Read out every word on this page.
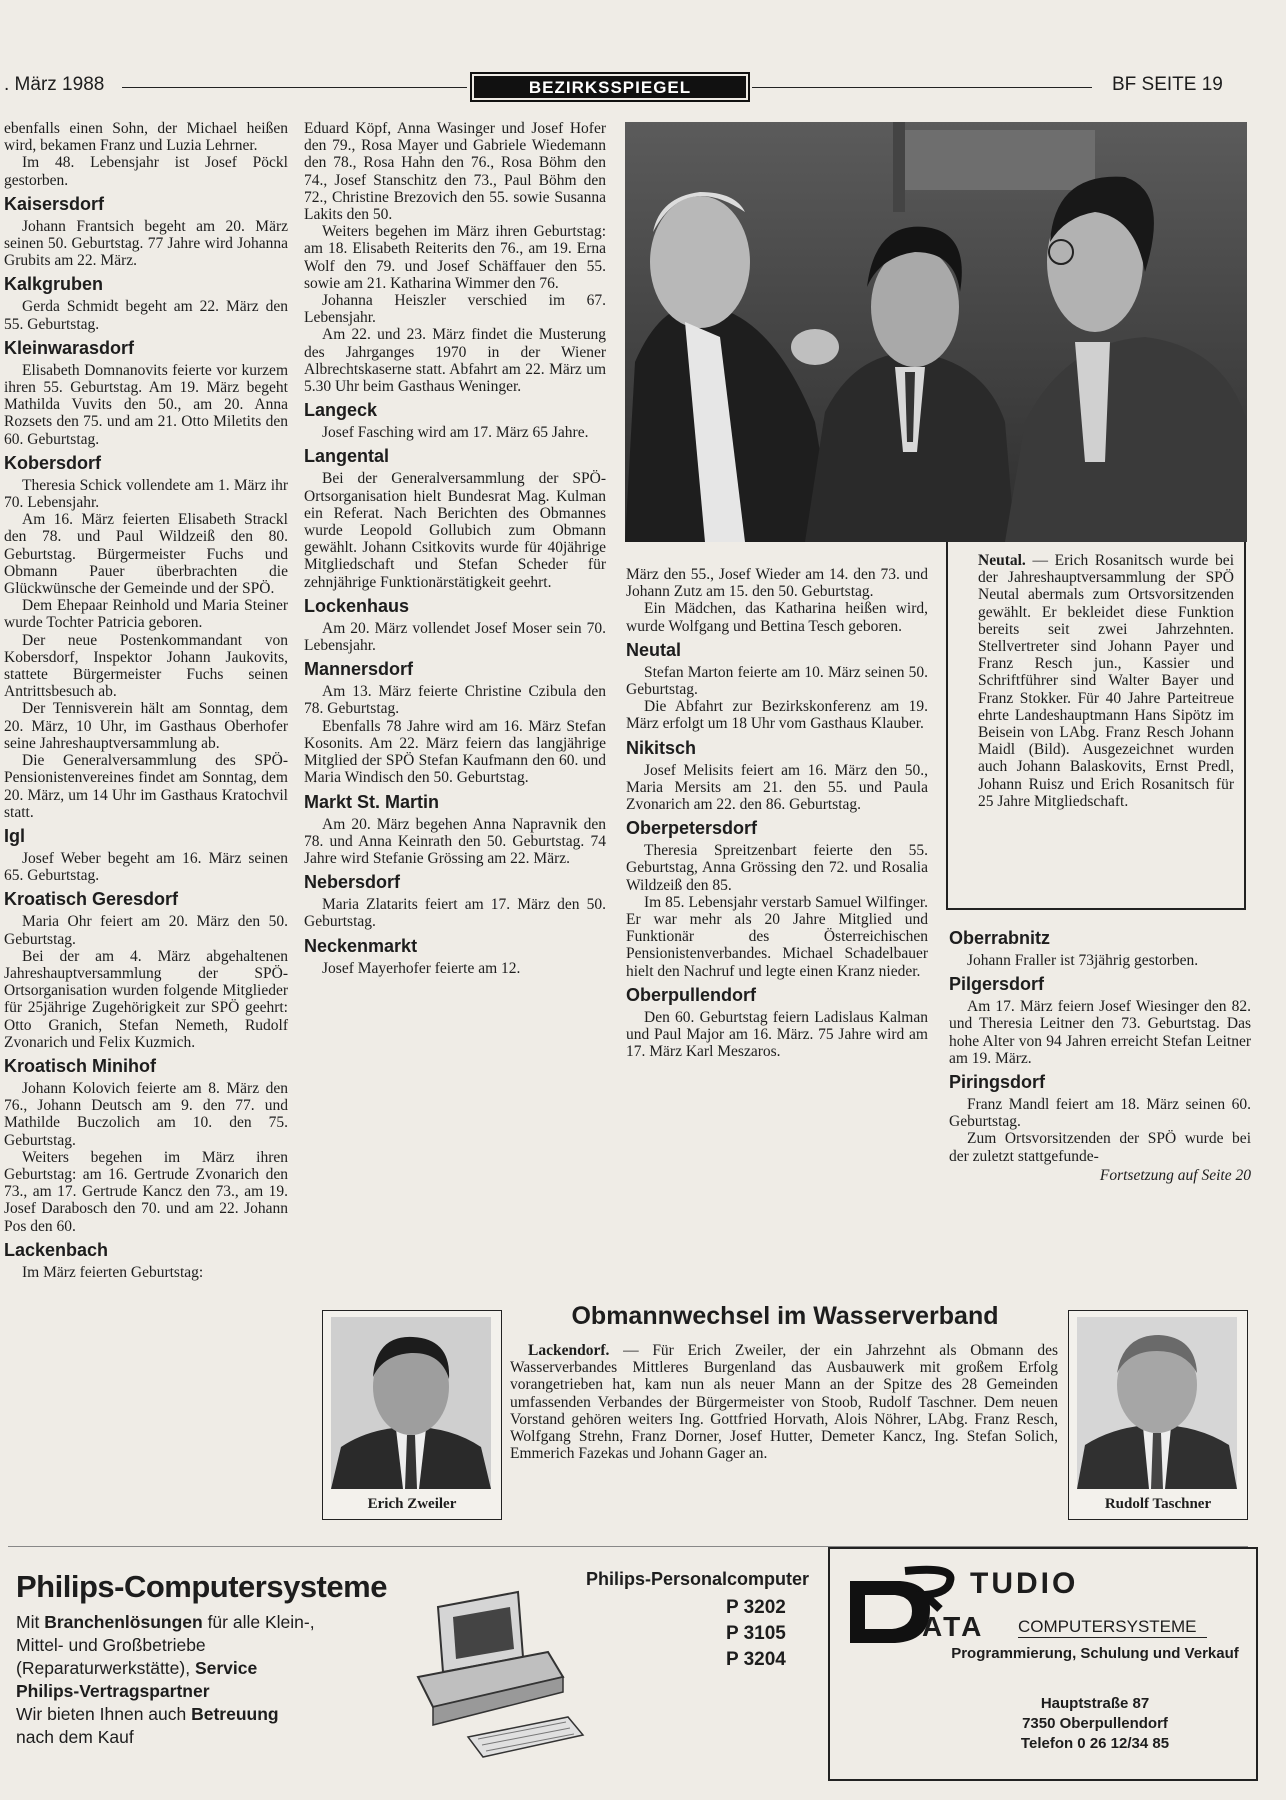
. März 1988	BEZIRKSSPIEGEL	BF SEITE 19

ebenfalls einen Sohn, der Michael heißen wird, bekamen Franz und Luzia Lehrner.

Im 48. Lebensjahr ist Josef Pöckl gestorben.

Kaisersdorf

Johann Frantsich begeht am 20. März seinen 50. Geburtstag. 77 Jahre wird Johanna Grubits am 22. März.

Kalkgruben

Gerda Schmidt begeht am 22. März den 55. Geburtstag.

Kleinwarasdorf

Elisabeth Domnanovits feierte vor kurzem ihren 55. Geburtstag. Am 19. März begeht Mathilda Vuvits den 50., am 20. Anna Rozsets den 75. und am 21. Otto Miletits den 60. Geburtstag.

Kobersdorf

Theresia Schick vollendete am 1. März ihr 70. Lebensjahr.

Am 16. März feierten Elisabeth Strackl den 78. und Paul Wildzeiß den 80. Geburtstag. Bürgermeister Fuchs und Obmann Pauer überbrachten die Glückwünsche der Gemeinde und der SPÖ.

Dem Ehepaar Reinhold und Maria Steiner wurde Tochter Patricia geboren.

Der neue Postenkommandant von Kobersdorf, Inspektor Johann Jaukovits, stattete Bürgermeister Fuchs seinen Antrittsbesuch ab.

Der Tennisverein hält am Sonntag, dem 20. März, 10 Uhr, im Gasthaus Oberhofer seine Jahreshauptversammlung ab.

Die Generalversammlung des SPÖ-Pensionistenvereines findet am Sonntag, dem 20. März, um 14 Uhr im Gasthaus Kratochvil statt.

Igl

Josef Weber begeht am 16. März seinen 65. Geburtstag.

Kroatisch Geresdorf

Maria Ohr feiert am 20. März den 50. Geburtstag.

Bei der am 4. März abgehaltenen Jahreshauptversammlung der SPÖ-Ortsorganisation wurden folgende Mitglieder für 25jährige Zugehörigkeit zur SPÖ geehrt: Otto Granich, Stefan Nemeth, Rudolf Zvonarich und Felix Kuzmich.

Kroatisch Minihof

Johann Kolovich feierte am 8. März den 76., Johann Deutsch am 9. den 77. und Mathilde Buczolich am 10. den 75. Geburtstag.

Weiters begehen im März ihren Geburtstag: am 16. Gertrude Zvonarich den 73., am 17. Gertrude Kancz den 73., am 19. Josef Darabosch den 70. und am 22. Johann Pos den 60.

Lackenbach

Im März feierten Geburtstag:

Eduard Köpf, Anna Wasinger und Josef Hofer den 79., Rosa Mayer und Gabriele Wiedemann den 78., Rosa Hahn den 76., Rosa Böhm den 74., Josef Stanschitz den 73., Paul Böhm den 72., Christine Brezovich den 55. sowie Susanna Lakits den 50.

Weiters begehen im März ihren Geburtstag: am 18. Elisabeth Reiterits den 76., am 19. Erna Wolf den 79. und Josef Schäffauer den 55. sowie am 21. Katharina Wimmer den 76.

Johanna Heiszler verschied im 67. Lebensjahr.

Am 22. und 23. März findet die Musterung des Jahrganges 1970 in der Wiener Albrechtskaserne statt. Abfahrt am 22. März um 5.30 Uhr beim Gasthaus Weninger.

Langeck

Josef Fasching wird am 17. März 65 Jahre.

Langental

Bei der Generalversammlung der SPÖ-Ortsorganisation hielt Bundesrat Mag. Kulman ein Referat. Nach Berichten des Obmannes wurde Leopold Gollubich zum Obmann gewählt. Johann Csitkovits wurde für 40jährige Mitgliedschaft und Stefan Scheder für zehnjährige Funktionärstätigkeit geehrt.

Lockenhaus

Am 20. März vollendet Josef Moser sein 70. Lebensjahr.

Mannersdorf

Am 13. März feierte Christine Czibula den 78. Geburtstag.

Ebenfalls 78 Jahre wird am 16. März Stefan Kosonits. Am 22. März feiern das langjährige Mitglied der SPÖ Stefan Kaufmann den 60. und Maria Windisch den 50. Geburtstag.

Markt St. Martin

Am 20. März begehen Anna Napravnik den 78. und Anna Keinrath den 50. Geburtstag. 74 Jahre wird Stefanie Grössing am 22. März.

Nebersdorf

Maria Zlatarits feiert am 17. März den 50. Geburtstag.

Neckenmarkt

Josef Mayerhofer feierte am 12.

März den 55., Josef Wieder am 14. den 73. und Johann Zutz am 15. den 50. Geburtstag.

Ein Mädchen, das Katharina heißen wird, wurde Wolfgang und Bettina Tesch geboren.

Neutal

Stefan Marton feierte am 10. März seinen 50. Geburtstag.

Die Abfahrt zur Bezirkskonferenz am 19. März erfolgt um 18 Uhr vom Gasthaus Klauber.

Nikitsch

Josef Melisits feiert am 16. März den 50., Maria Mersits am 21. den 55. und Paula Zvonarich am 22. den 86. Geburtstag.

Oberpetersdorf

Theresia Spreitzenbart feierte den 55. Geburtstag, Anna Grössing den 72. und Rosalia Wildzeiß den 85.

Im 85. Lebensjahr verstarb Samuel Wilfinger. Er war mehr als 20 Jahre Mitglied und Funktionär des Österreichischen Pensionistenverbandes. Michael Schadelbauer hielt den Nachruf und legte einen Kranz nieder.

Oberpullendorf

Den 60. Geburtstag feiern Ladislaus Kalman und Paul Major am 16. März. 75 Jahre wird am 17. März Karl Meszaros.

Neutal. — Erich Rosanitsch wurde bei der Jahreshauptversammlung der SPÖ Neutal abermals zum Ortsvorsitzenden gewählt. Er bekleidet diese Funktion bereits seit zwei Jahrzehnten. Stellvertreter sind Johann Payer und Franz Resch jun., Kassier und Schriftführer sind Walter Bayer und Franz Stokker. Für 40 Jahre Parteitreue ehrte Landeshauptmann Hans Sipötz im Beisein von LAbg. Franz Resch Johann Maidl (Bild). Ausgezeichnet wurden auch Johann Balaskovits, Ernst Predl, Johann Ruisz und Erich Rosanitsch für 25 Jahre Mitgliedschaft.
Oberrabnitz

Johann Fraller ist 73jährig gestorben.

Pilgersdorf

Am 17. März feiern Josef Wiesinger den 82. und Theresia Leitner den 73. Geburtstag. Das hohe Alter von 94 Jahren erreicht Stefan Leitner am 19. März.

Piringsdorf

Franz Mandl feiert am 18. März seinen 60. Geburtstag.

Zum Ortsvorsitzenden der SPÖ wurde bei der zuletzt stattgefunde-

Fortsetzung auf Seite 20
Erich Zweiler
Obmannwechsel im Wasserverband

Lackendorf. — Für Erich Zweiler, der ein Jahrzehnt als Obmann des Wasserverbandes Mittleres Burgenland das Ausbauwerk mit großem Erfolg vorangetrieben hat, kam nun als neuer Mann an der Spitze des 28 Gemeinden umfassenden Verbandes der Bürgermeister von Stoob, Rudolf Taschner. Dem neuen Vorstand gehören weiters Ing. Gottfried Horvath, Alois Nöhrer, LAbg. Franz Resch, Wolfgang Strehn, Franz Dorner, Josef Hutter, Demeter Kancz, Ing. Stefan Solich, Emmerich Fazekas und Johann Gager an.

Rudolf Taschner
Philips-Computersysteme
Mit Branchenlösungen für alle Klein-,
Mittel- und Großbetriebe
(Reparaturwerkstätte), Service
Philips-Vertragspartner
Wir bieten Ihnen auch Betreuung
nach dem Kauf
Philips-Personalcomputer
P 3202
P 3105
P 3204
TUDIO
ATA COMPUTERSYSTEME
Programmierung, Schulung und Verkauf
Hauptstraße 87
7350 Oberpullendorf
Telefon 0 26 12/34 85
